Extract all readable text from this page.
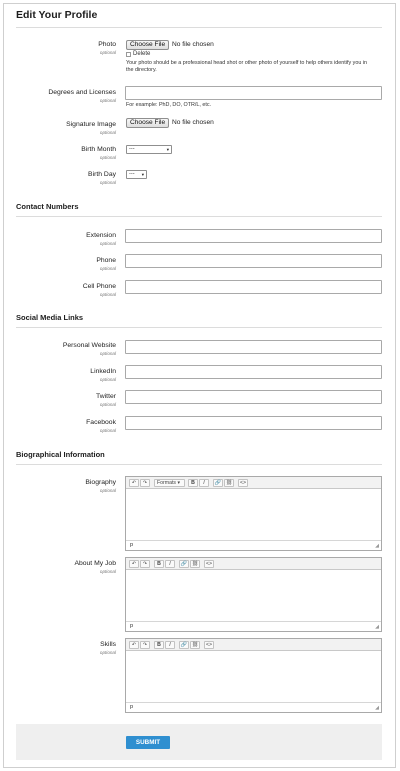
Edit Your Profile
Photo
optional
Choose File	No file chosen
Delete
Your photo should be a professional head shot or other photo of yourself to help others identify you in the directory.
Degrees and Licenses
optional
For example: PhD, DO, OTR/L, etc.
Signature Image
optional
Choose File	No file chosen
Birth Month
optional
---	▾
Birth Day
optional
--- ▾
Contact Numbers
Extension
optional
Phone
optional
Cell Phone
optional
Social Media Links
Personal Website
optional
LinkedIn
optional
Twitter
optional
Facebook
optional
Biographical Information
Biography
optional
↶	↷	Formats ▾	B	I	🔗 ⛓	<>
p	◢
About My Job
optional
↶	↷	B	I	🔗 ⛓	<>
p	◢
Skills
optional
↶	↷	B	I	🔗 ⛓	<>
p	◢
SUBMIT
